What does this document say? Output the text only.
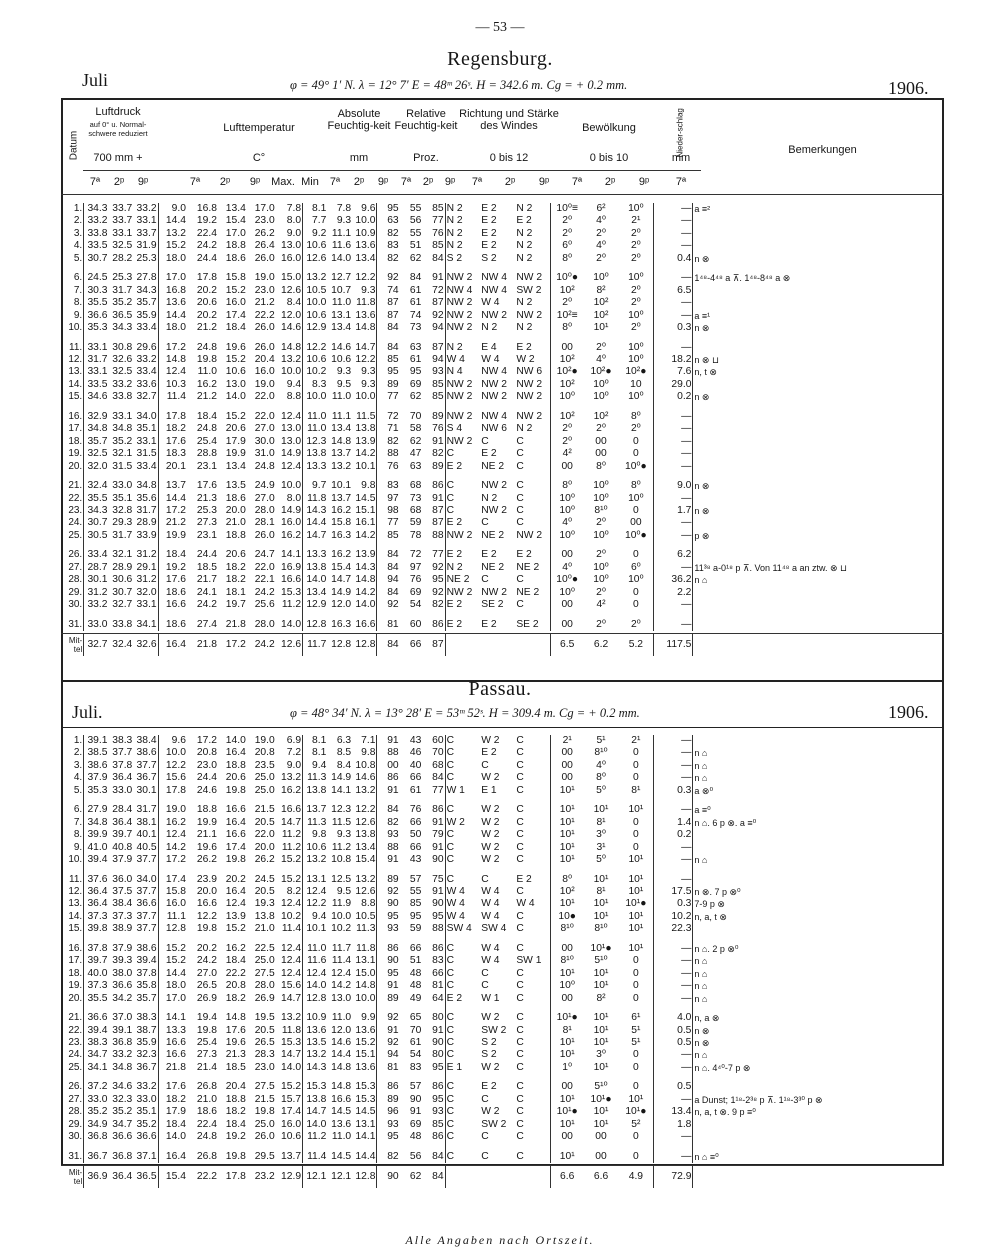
— 53 —
Regensburg.
Juli	φ = 49° 1′ N. λ = 12° 7′ E = 48ᵐ 26ˢ. H = 342.6 m. Cg = + 0.2 mm.	1906.
Datum
Luftdruck
auf 0° u. Normal-schwere reduziert
700 mm +
Lufttemperatur
C°
Absolute Feuchtig-keit
mm
Relative Feuchtig-keit
Proz.
Richtung und Stärke des Windes
0 bis 12
Bewölkung
0 bis 10
Nieder-schlag
mm
Bemerkungen
7ª	2ᵖ	9ᵖ	7ª	2ᵖ	9ᵖ Max. Min	7ª	2ᵖ	9ᵖ	7ª	2ᵖ	9ᵖ	7ª	2ᵖ	9ᵖ	7ª	2ᵖ	9ᵖ	7ª
1.	34.3	33.7	33.2	9.0	16.8	13.4	17.0	7.8	8.1	7.8	9.6	95	55	85	N 2	E 2	N 2	10⁰≡	6²	10⁰	—	a ≡²
2.	33.2	33.7	33.1	14.4	19.2	15.4	23.0	8.0	7.7	9.3	10.0	63	56	77	N 2	E 2	E 2	2⁰	4⁰	2¹	—	
3.	33.8	33.1	33.7	13.2	22.4	17.0	26.2	9.0	9.2	11.1	10.9	82	55	76	N 2	E 2	N 2	2⁰	2⁰	2⁰	—	
4.	33.5	32.5	31.9	15.2	24.2	18.8	26.4	13.0	10.6	11.6	13.6	83	51	85	N 2	E 2	N 2	6⁰	4⁰	2⁰	—	
5.	30.7	28.2	25.3	18.0	24.4	18.6	26.0	16.0	12.6	14.0	13.4	82	62	84	S 2	S 2	N 2	8⁰	2⁰	2⁰	0.4	n ⊗

6.	24.5	25.3	27.8	17.0	17.8	15.8	19.0	15.0	13.2	12.7	12.2	92	84	91	NW 2	NW 4	NW 2	10⁰●	10⁰	10⁰	—	1⁴⁸-4⁴⁸ a ⊼. 1⁴⁸-8⁴⁸ a ⊗
7.	30.3	31.7	34.3	16.8	20.2	15.2	23.0	12.6	10.5	10.7	9.3	74	61	72	NW 4	NW 4	SW 2	10²	8²	2⁰	6.5	
8.	35.5	35.2	35.7	13.6	20.6	16.0	21.2	8.4	10.0	11.0	11.8	87	61	87	NW 2	W 4	N 2	2⁰	10²	2⁰	—	
9.	36.6	36.5	35.9	14.4	20.2	17.4	22.2	12.0	10.6	13.1	13.6	87	74	92	NW 2	NW 2	NW 2	10²≡	10²	10⁰	—	a ≡¹
10.	35.3	34.3	33.4	18.0	21.2	18.4	26.0	14.6	12.9	13.4	14.8	84	73	94	NW 2	N 2	N 2	8⁰	10¹	2⁰	0.3	n ⊗

11.	33.1	30.8	29.6	17.2	24.8	19.6	26.0	14.8	12.2	14.6	14.7	84	63	87	N 2	E 4	E 2	00	2⁰	10⁰	—	
12.	31.7	32.6	33.2	14.8	19.8	15.2	20.4	13.2	10.6	10.6	12.2	85	61	94	W 4	W 4	W 2	10²	4⁰	10⁰	18.2	n ⊗ ⊔
13.	33.1	32.5	33.4	12.4	11.0	10.6	16.0	10.0	10.2	9.3	9.3	95	95	93	N 4	NW 4	NW 6	10²●	10²●	10²●	7.6	n, t ⊗
14.	33.5	33.2	33.6	10.3	16.2	13.0	19.0	9.4	8.3	9.5	9.3	89	69	85	NW 2	NW 2	NW 2	10²	10⁰	10	29.0	
15.	34.6	33.8	32.7	11.4	21.2	14.0	22.0	8.8	10.0	11.0	10.0	77	62	85	NW 2	NW 2	NW 2	10⁰	10⁰	10⁰	0.2	n ⊗

16.	32.9	33.1	34.0	17.8	18.4	15.2	22.0	12.4	11.0	11.1	11.5	72	70	89	NW 2	NW 4	NW 2	10²	10²	8⁰	—	
17.	34.8	34.8	35.1	18.2	24.8	20.6	27.0	13.0	11.0	13.4	13.8	71	58	76	S 4	NW 6	N 2	2⁰	2⁰	2⁰	—	
18.	35.7	35.2	33.1	17.6	25.4	17.9	30.0	13.0	12.3	14.8	13.9	82	62	91	NW 2	C	C	2⁰	00	0	—	
19.	32.5	32.1	31.5	18.3	28.8	19.9	31.0	14.9	13.8	13.7	14.2	88	47	82	C	E 2	C	4²	00	0	—	
20.	32.0	31.5	33.4	20.1	23.1	13.4	24.8	12.4	13.3	13.2	10.1	76	63	89	E 2	NE 2	C	00	8⁰	10⁰●	—	

21.	32.4	33.0	34.8	13.7	17.6	13.5	24.9	10.0	9.7	10.1	9.8	83	68	86	C	NW 2	C	8⁰	10⁰	8⁰	9.0	n ⊗
22.	35.5	35.1	35.6	14.4	21.3	18.6	27.0	8.0	11.8	13.7	14.5	97	73	91	C	N 2	C	10⁰	10⁰	10⁰	—	
23.	34.3	32.8	31.7	17.2	25.3	20.0	28.0	14.9	14.3	16.2	15.1	98	68	87	C	NW 2	C	10⁰	8¹⁰	0	1.7	n ⊗
24.	30.7	29.3	28.9	21.2	27.3	21.0	28.1	16.0	14.4	15.8	16.1	77	59	87	E 2	C	C	4⁰	2⁰	00	—	
25.	30.5	31.7	33.9	19.9	23.1	18.8	26.0	16.2	14.7	16.3	14.2	85	78	88	NW 2	NE 2	NW 2	10⁰	10⁰	10⁰●	—	p ⊗

26.	33.4	32.1	31.2	18.4	24.4	20.6	24.7	14.1	13.3	16.2	13.9	84	72	77	E 2	E 2	E 2	00	2⁰	0	6.2	
27.	28.7	28.9	29.1	19.2	18.5	18.2	22.0	16.9	13.8	15.4	14.3	84	97	92	N 2	NE 2	NE 2	4⁰	10⁰	6⁰	—	11³⁸ a-0¹⁸ p ⊼. Von 11⁴⁸ a an ztw. ⊗ ⊔
28.	30.1	30.6	31.2	17.6	21.7	18.2	22.1	16.6	14.0	14.7	14.8	94	76	95	NE 2	C	C	10⁰●	10⁰	10⁰	36.2	n ⌂
29.	31.2	30.7	32.0	18.6	24.1	18.1	24.2	15.3	13.4	14.9	14.2	84	69	92	NW 2	NW 2	NE 2	10⁰	2⁰	0	2.2	
30.	33.2	32.7	33.1	16.6	24.2	19.7	25.6	11.2	12.9	12.0	14.0	92	54	82	E 2	SE 2	C	00	4²	0	—	

31.	33.0	33.8	34.1	18.6	27.4	21.8	28.0	14.0	12.8	16.3	16.6	81	60	86	E 2	E 2	SE 2	00	2⁰	2⁰	—	

Mit-tel	32.7	32.4	32.6	16.4	21.8	17.2	24.2	12.6	11.7	12.8	12.8	84	66	87				6.5	6.2	5.2	117.5	
Passau.
Juli.	φ = 48° 34′ N. λ = 13° 28′ E = 53ᵐ 52ˢ. H = 309.4 m. Cg = + 0.2 mm.	1906.
1.	39.1	38.3	38.4	9.6	17.2	14.0	19.0	6.9	8.1	6.3	7.1	91	43	60	C	W 2	C	2¹	5¹	2¹	—	
2.	38.5	37.7	38.6	10.0	20.8	16.4	20.8	7.2	8.1	8.5	9.8	88	46	70	C	E 2	C	00	8¹⁰	0	—	n ⌂
3.	38.6	37.8	37.7	12.2	23.0	18.8	23.5	9.0	9.4	8.4	10.8	00	40	68	C	C	C	00	4⁰	0	—	n ⌂
4.	37.9	36.4	36.7	15.6	24.4	20.6	25.0	13.2	11.3	14.9	14.6	86	66	84	C	W 2	C	00	8⁰	0	—	n ⌂
5.	35.3	33.0	30.1	17.8	24.6	19.8	25.0	16.2	13.8	14.1	13.2	91	61	77	W 1	E 1	C	10¹	5⁰	8¹	0.3	a ⊗⁰

6.	27.9	28.4	31.7	19.0	18.8	16.6	21.5	16.6	13.7	12.3	12.2	84	76	86	C	W 2	C	10¹	10¹	10¹	—	a ≡⁰
7.	34.8	36.4	38.1	16.2	19.9	16.4	20.5	14.7	11.3	11.5	12.6	82	66	91	W 2	W 2	C	10¹	8¹	0	1.4	n ⌂. 6 p ⊗. a ≡⁰
8.	39.9	39.7	40.1	12.4	21.1	16.6	22.0	11.2	9.8	9.3	13.8	93	50	79	C	W 2	C	10¹	3⁰	0	0.2	
9.	41.0	40.8	40.5	14.2	19.6	17.4	20.0	11.2	10.6	11.2	13.4	88	66	91	C	W 2	C	10¹	3¹	0	—	
10.	39.4	37.9	37.7	17.2	26.2	19.8	26.2	15.2	13.2	10.8	15.4	91	43	90	C	W 2	C	10¹	5⁰	10¹	—	n ⌂

11.	37.6	36.0	34.0	17.4	23.9	20.2	24.5	15.2	13.1	12.5	13.2	89	57	75	C	C	E 2	8⁰	10¹	10¹	—	
12.	36.4	37.5	37.7	15.8	20.0	16.4	20.5	8.2	12.4	9.5	12.6	92	55	91	W 4	W 4	C	10²	8¹	10¹	17.5	n ⊗. 7 p ⊗⁰
13.	36.4	38.4	36.6	16.0	16.6	12.4	19.3	12.4	12.2	11.9	8.8	90	85	90	W 4	W 4	W 4	10¹	10¹	10¹●	0.3	7-9 p ⊗
14.	37.3	37.3	37.7	11.1	12.2	13.9	13.8	10.2	9.4	10.0	10.5	95	95	95	W 4	W 4	C	10●	10¹	10¹	10.2	n, a, t ⊗
15.	39.8	38.9	37.7	12.8	19.8	15.2	21.0	11.4	10.1	10.2	11.3	93	59	88	SW 4	SW 4	C	8¹⁰	8¹⁰	10¹	22.3	

16.	37.8	37.9	38.6	15.2	20.2	16.2	22.5	12.4	11.0	11.7	11.8	86	66	86	C	W 4	C	00	10¹●	10¹	—	n ⌂. 2 p ⊗⁰
17.	39.7	39.3	39.4	15.2	24.2	18.4	25.0	12.4	11.6	11.4	13.1	90	51	83	C	W 4	SW 1	8¹⁰	5¹⁰	0	—	n ⌂
18.	40.0	38.0	37.8	14.4	27.0	22.2	27.5	12.4	12.4	12.4	15.0	95	48	66	C	C	C	10¹	10¹	0	—	n ⌂
19.	37.3	36.6	35.8	18.0	26.5	20.8	28.0	15.6	14.0	14.2	14.8	91	48	81	C	C	C	10⁰	10¹	0	—	n ⌂
20.	35.5	34.2	35.7	17.0	26.9	18.2	26.9	14.7	12.8	13.0	10.0	89	49	64	E 2	W 1	C	00	8²	0	—	n ⌂

21.	36.6	37.0	38.3	14.1	19.4	14.8	19.5	13.2	10.9	11.0	9.9	92	65	80	C	W 2	C	10¹●	10¹	6¹	4.0	n, a ⊗
22.	39.4	39.1	38.7	13.3	19.8	17.6	20.5	11.8	13.6	12.0	13.6	91	70	91	C	SW 2	C	8¹	10¹	5¹	0.5	n ⊗
23.	38.3	36.8	35.9	16.6	25.4	19.6	26.5	15.3	13.5	14.6	15.2	92	61	90	C	S 2	C	10¹	10¹	5¹	0.5	n ⊗
24.	34.7	33.2	32.3	16.6	27.3	21.3	28.3	14.7	13.2	14.4	15.1	94	54	80	C	S 2	C	10¹	3⁰	0	—	n ⌂
25.	34.1	34.8	36.7	21.8	21.4	18.5	23.0	14.0	14.3	14.8	13.6	81	83	95	E 1	W 2	C	1⁰	10¹	0	—	n ⌂. 4⁴⁰-7 p ⊗

26.	37.2	34.6	33.2	17.6	26.8	20.4	27.5	15.2	15.3	14.8	15.3	86	57	86	C	E 2	C	00	5¹⁰	0	0.5	
27.	33.0	32.3	33.0	18.2	21.0	18.8	21.5	15.7	13.8	16.6	15.3	89	90	95	C	C	C	10¹	10¹●	10¹	—	a Dunst; 1¹⁸-2³⁸ p ⊼. 1¹⁸-3³⁰ p ⊗
28.	35.2	35.2	35.1	17.9	18.6	18.2	19.8	17.4	14.7	14.5	14.5	96	91	93	C	W 2	C	10¹●	10¹	10¹●	13.4	n, a, t ⊗. 9 p ≡⁰
29.	34.9	34.7	35.2	18.4	22.4	18.4	25.0	16.0	14.0	13.6	13.1	93	69	85	C	SW 2	C	10¹	10¹	5²	1.8	
30.	36.8	36.6	36.6	14.0	24.8	19.2	26.0	10.6	11.2	11.0	14.1	95	48	86	C	C	C	00	00	0	—	

31.	36.7	36.8	37.1	16.4	26.8	19.8	29.5	13.7	11.4	14.5	14.4	82	56	84	C	C	C	10¹	00	0	—	n ⌂ ≡⁰

Mit-tel	36.9	36.4	36.5	15.4	22.2	17.8	23.2	12.9	12.1	12.1	12.8	90	62	84				6.6	6.6	4.9	72.9	
Alle Angaben nach Ortszeit.
